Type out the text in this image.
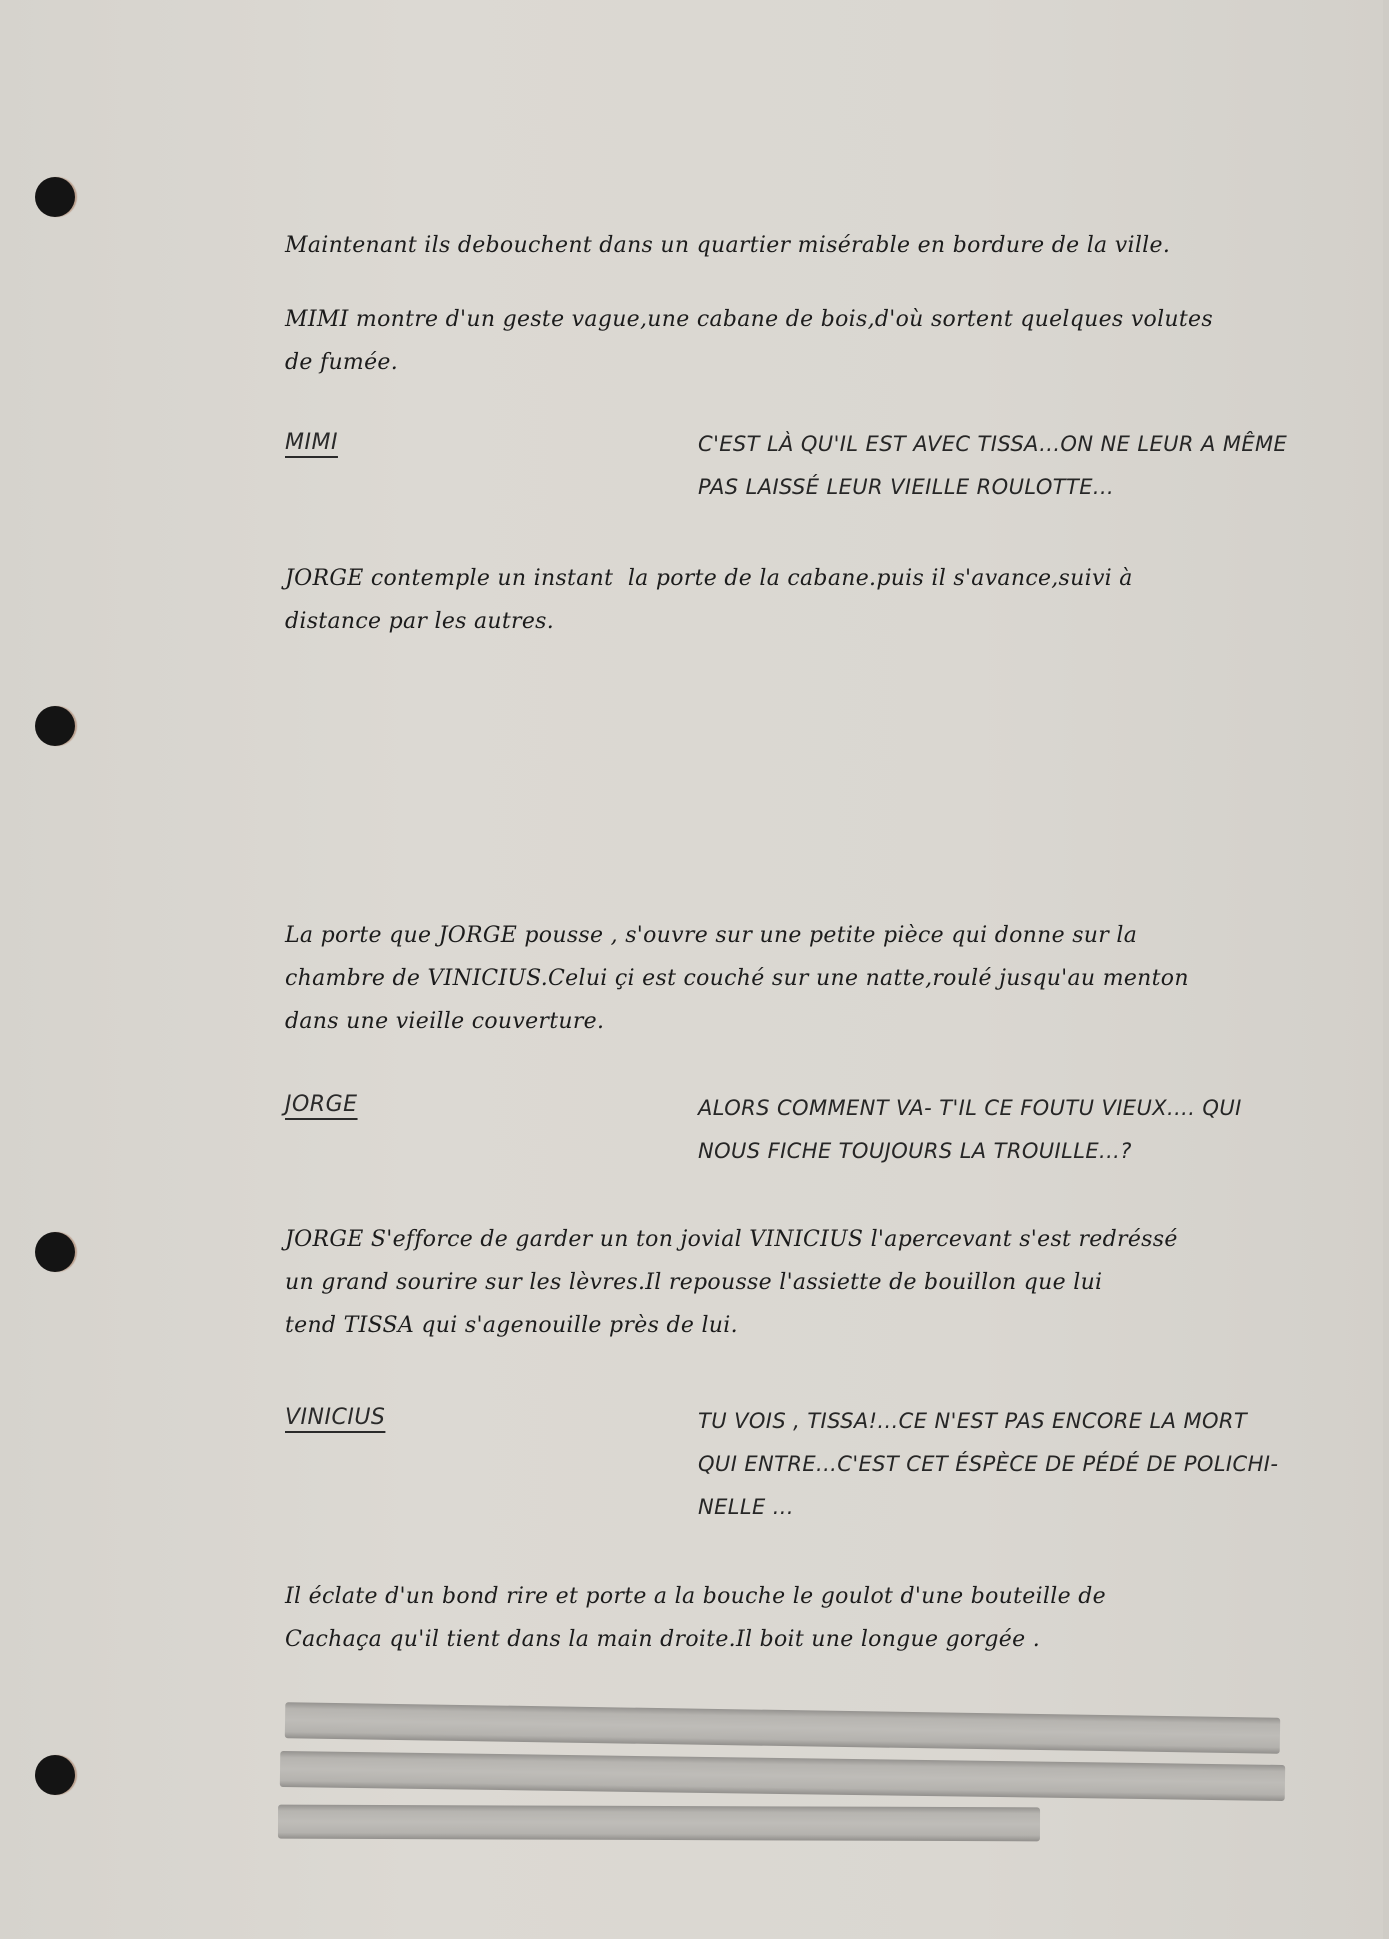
Maintenant ils debouchent dans un quartier misérable en bordure de la ville.
MIMI montre d'un geste vague,une cabane de bois,d'où sortent quelques volutes
de fumée.
MIMI	C'EST LÀ QU'IL EST AVEC TISSA...ON NE LEUR A MÊME
PAS LAISSÉ LEUR VIEILLE ROULOTTE...
JORGE contemple un instant  la porte de la cabane.puis il s'avance,suivi à
distance par les autres.
La porte que JORGE pousse , s'ouvre sur une petite pièce qui donne sur la
chambre de VINICIUS.Celui çi est couché sur une natte,roulé jusqu'au menton
dans une vieille couverture.
JORGE	ALORS COMMENT VA- T'IL CE FOUTU VIEUX.... QUI
NOUS FICHE TOUJOURS LA TROUILLE...?
JORGE S'efforce de garder un ton jovial VINICIUS l'apercevant s'est redréssé
un grand sourire sur les lèvres.Il repousse l'assiette de bouillon que lui
tend TISSA qui s'agenouille près de lui.
VINICIUS	TU VOIS , TISSA!...CE N'EST PAS ENCORE LA MORT
QUI ENTRE...C'EST CET ÉSPÈCE DE PÉDÉ DE POLICHI-
NELLE ...
Il éclate d'un bond rire et porte a la bouche le goulot d'une bouteille de
Cachaça qu'il tient dans la main droite.Il boit une longue gorgée .
